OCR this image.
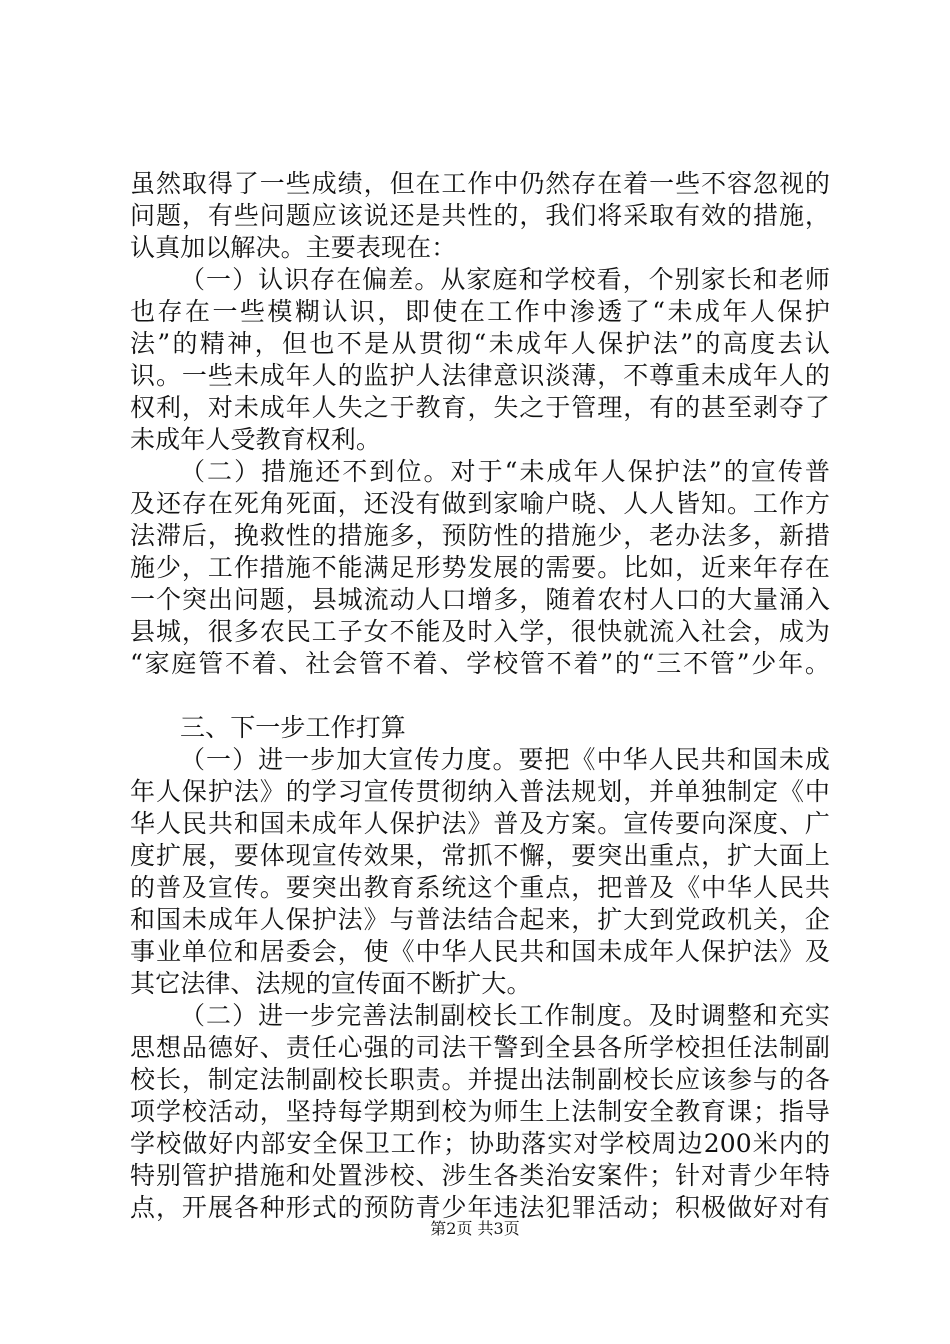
虽然取得了一些成绩，但在工作中仍然存在着一些不容忽视的
问题，有些问题应该说还是共性的，我们将采取有效的措施，
认真加以解决。主要表现在：
（一）认识存在偏差。从家庭和学校看，个别家长和老师
也存在一些模糊认识，即使在工作中渗透了“未成年人保护
法”的精神，但也不是从贯彻“未成年人保护法”的高度去认
识。一些未成年人的监护人法律意识淡薄，不尊重未成年人的
权利，对未成年人失之于教育，失之于管理，有的甚至剥夺了
未成年人受教育权利。
（二）措施还不到位。对于“未成年人保护法”的宣传普
及还存在死角死面，还没有做到家喻户晓、人人皆知。工作方
法滞后，挽救性的措施多，预防性的措施少，老办法多，新措
施少，工作措施不能满足形势发展的需要。比如，近来年存在
一个突出问题，县城流动人口增多，随着农村人口的大量涌入
县城，很多农民工子女不能及时入学，很快就流入社会，成为
“家庭管不着、社会管不着、学校管不着”的“三不管”少年。
三、下一步工作打算
（一）进一步加大宣传力度。要把《中华人民共和国未成
年人保护法》的学习宣传贯彻纳入普法规划，并单独制定《中
华人民共和国未成年人保护法》普及方案。宣传要向深度、广
度扩展，要体现宣传效果，常抓不懈，要突出重点，扩大面上
的普及宣传。要突出教育系统这个重点，把普及《中华人民共
和国未成年人保护法》与普法结合起来，扩大到党政机关，企
事业单位和居委会，使《中华人民共和国未成年人保护法》及
其它法律、法规的宣传面不断扩大。
（二）进一步完善法制副校长工作制度。及时调整和充实
思想品德好、责任心强的司法干警到全县各所学校担任法制副
校长，制定法制副校长职责。并提出法制副校长应该参与的各
项学校活动，坚持每学期到校为师生上法制安全教育课；指导
学校做好内部安全保卫工作；协助落实对学校周边200米内的
特别管护措施和处置涉校、涉生各类治安案件；针对青少年特
点，开展各种形式的预防青少年违法犯罪活动；积极做好对有
第2页 共3页
